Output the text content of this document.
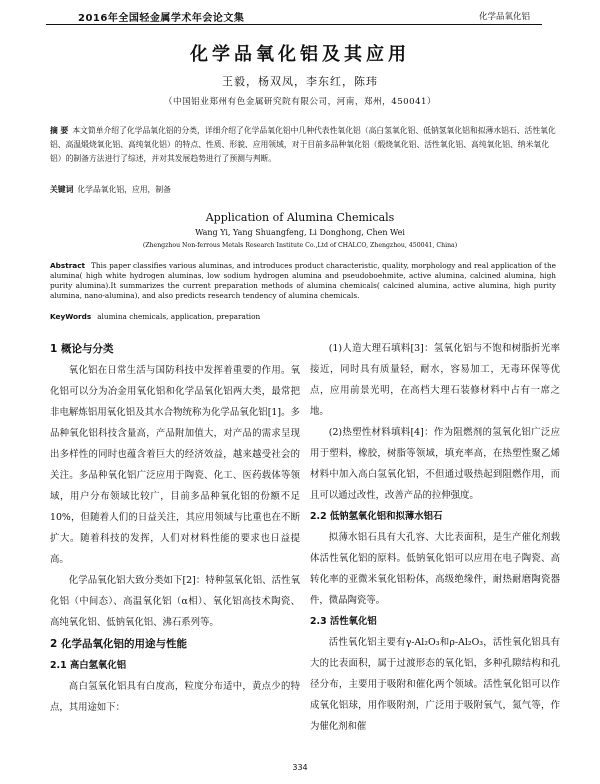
2016年全国轻金属学术年会论文集	化学品氧化铝
化学品氧化铝及其应用
王毅，杨双凤，李东红，陈玮
（中国铝业郑州有色金属研究院有限公司，河南，郑州，450041）
摘 要 本文简单介绍了化学品氧化铝的分类，详细介绍了化学品氧化铝中几种代表性氧化铝（高白氢氧化铝、低钠氢氧化铝和拟薄水铝石、活性氧化铝、高温煅烧氧化铝、高纯氧化铝）的特点、性质、形貌、应用领域，对于目前多品种氧化铝（煅烧氧化铝、活性氧化铝、高纯氧化铝、纳米氧化铝）的制备方法进行了综述，并对其发展趋势进行了预测与判断。
关键词 化学品氧化铝，应用，制备
Application of Alumina Chemicals
Wang Yi, Yang Shuangfeng, Li Donghong, Chen Wei
(Zhengzhou Non-ferrous Metals Research Institute Co.,Ltd of CHALCO, Zhengzhou, 450041, China)
Abstract This paper classifies various aluminas, and introduces product characteristic, quality, morphology and real application of the alumina( high white hydrogen aluminas, low sodium hydrogen alumina and pseudoboehmite, active alumina, calcined alumina, high purity alumina).It summarizes the current preparation methods of alumina chemicals( calcined alumina, active alumina, high purity alumina, nano-alumina), and also predicts research tendency of alumina chemicals.
KeyWords alumina chemicals, application, preparation
1 概论与分类

氧化铝在日常生活与国防科技中发挥着重要的作用。氧化铝可以分为冶金用氧化铝和化学品氧化铝两大类，最常把非电解炼铝用氧化铝及其水合物统称为化学品氧化铝[1]。多品种氧化铝科技含量高，产品附加值大，对产品的需求呈现出多样性的同时也蕴含着巨大的经济效益，越来越受社会的关注。多品种氧化铝广泛应用于陶瓷、化工、医药载体等领域，用户分布领域比较广，目前多品种氧化铝的份额不足10%，但随着人们的日益关注，其应用领域与比重也在不断扩大。随着科技的发挥，人们对材料性能的要求也日益提高。

化学品氧化铝大致分类如下[2]：特种氢氧化铝、活性氧化铝（中间态）、高温氧化铝（α相）、氧化铝高技术陶瓷、高纯氧化铝、低钠氧化铝、沸石系列等。

2 化学品氧化铝的用途与性能
2.1 高白氢氧化铝

高白氢氧化铝具有白度高，粒度分布适中，黄点少的特点，其用途如下：

(1)人造大理石填料[3]：氢氧化铝与不饱和树脂折光率接近，同时具有质量轻，耐水，容易加工，无毒环保等优点，应用前景光明，在高档大理石装修材料中占有一席之地。

(2)热塑性材料填料[4]：作为阻燃剂的氢氧化铝广泛应用于塑料，橡胶，树脂等领域，填充率高，在热塑性聚乙烯材料中加入高白氢氧化铝，不但通过吸热起到阻燃作用，而且可以通过改性，改善产品的拉伸强度。

2.2 低钠氢氧化铝和拟薄水铝石

拟薄水铝石具有大孔容、大比表面积，是生产催化剂载体活性氧化铝的原料。低钠氧化铝可以应用在电子陶瓷、高转化率的亚微米氧化铝粉体，高级绝缘件，耐热耐磨陶瓷器件，微晶陶瓷等。

2.3 活性氧化铝

活性氧化铝主要有γ-Al₂O₃和ρ-Al₂O₃，活性氧化铝具有大的比表面积，属于过渡形态的氧化铝，多种孔隙结构和孔径分布，主要用于吸附和催化两个领域。活性氧化铝可以作成氧化铝球，用作吸附剂，广泛用于吸附氧气，氮气等，作为催化剂和催

334
